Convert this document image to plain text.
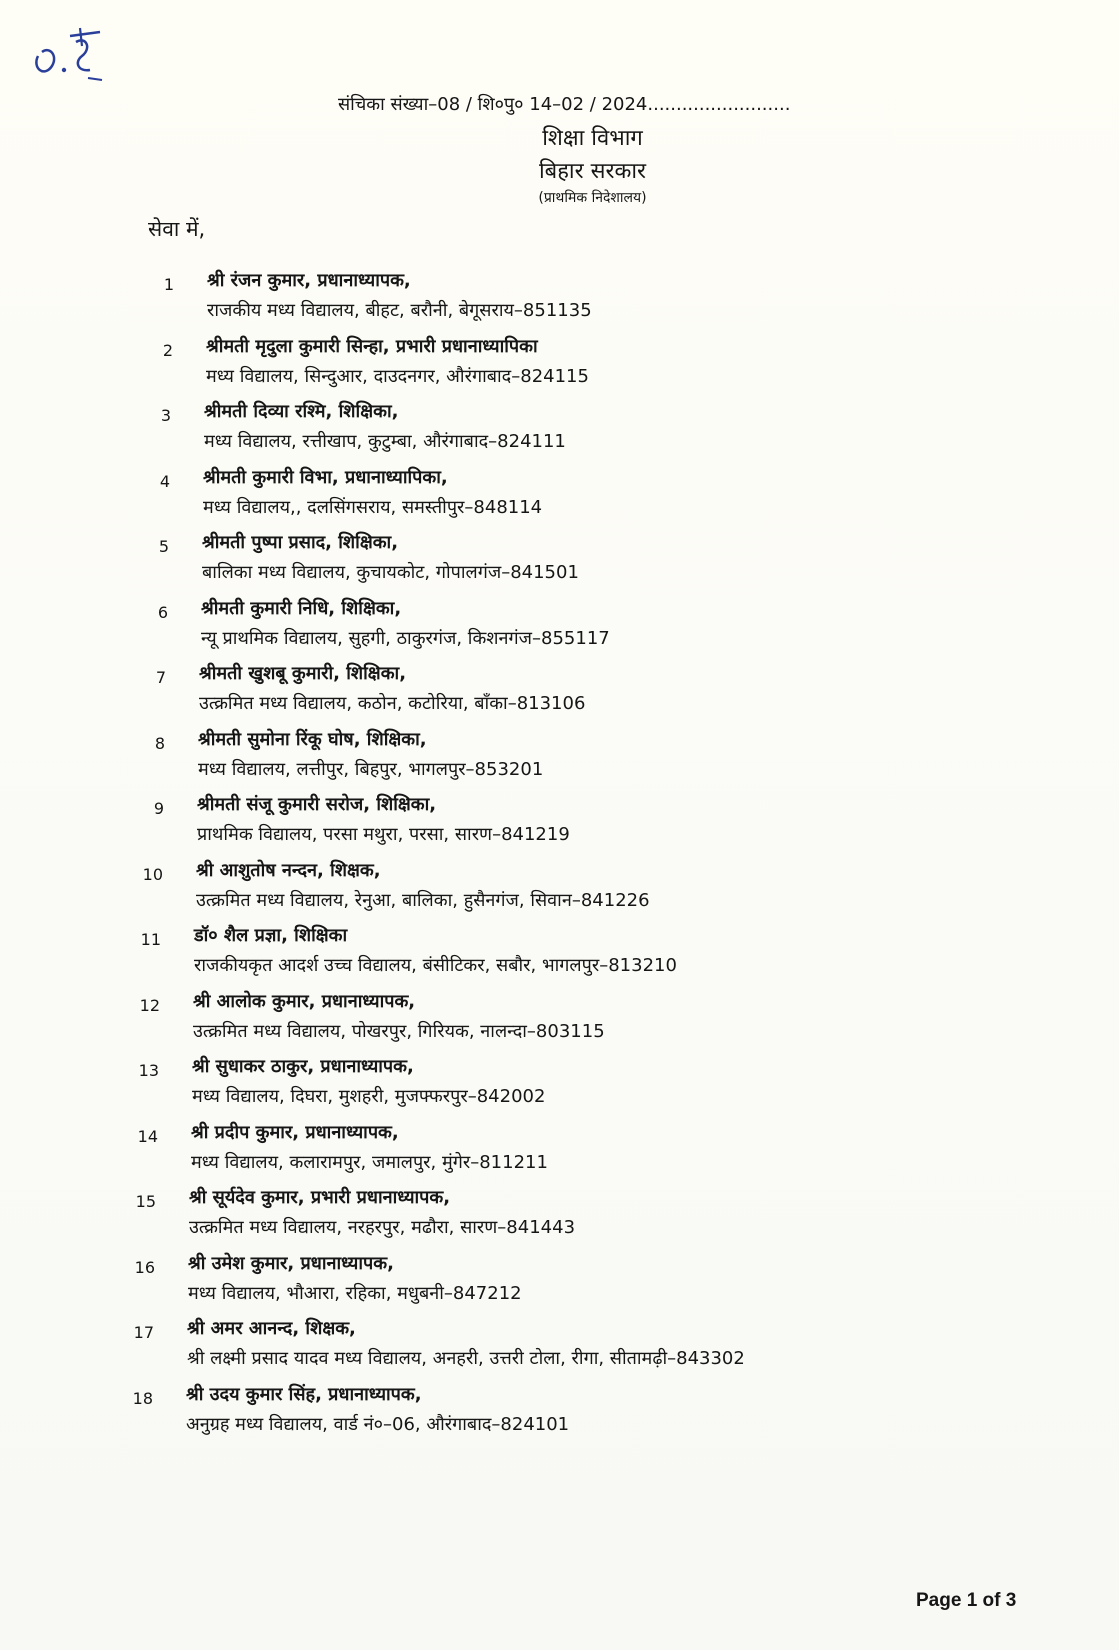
संचिका संख्या–08 / शि०पु० 14–02 / 2024.........................
शिक्षा विभाग
बिहार सरकार
(प्राथमिक निदेशालय)
सेवा में,
1 श्री रंजन कुमार, प्रधानाध्यापक,
राजकीय मध्य विद्यालय, बीहट, बरौनी, बेगूसराय–851135
2 श्रीमती मृदुला कुमारी सिन्हा, प्रभारी प्रधानाध्यापिका
मध्य विद्यालय, सिन्दुआर, दाउदनगर, औरंगाबाद–824115
3 श्रीमती दिव्या रश्मि, शिक्षिका,
मध्य विद्यालय, रत्तीखाप, कुटुम्बा, औरंगाबाद–824111
4 श्रीमती कुमारी विभा, प्रधानाध्यापिका,
मध्य विद्यालय,, दलसिंगसराय, समस्तीपुर–848114
5 श्रीमती पुष्पा प्रसाद, शिक्षिका,
बालिका मध्य विद्यालय, कुचायकोट, गोपालगंज–841501
6 श्रीमती कुमारी निधि, शिक्षिका,
न्यू प्राथमिक विद्यालय, सुहगी, ठाकुरगंज, किशनगंज–855117
7 श्रीमती खुशबू कुमारी, शिक्षिका,
उत्क्रमित मध्य विद्यालय, कठोन, कटोरिया, बाँका–813106
8 श्रीमती सुमोना रिंकू घोष, शिक्षिका,
मध्य विद्यालय, लत्तीपुर, बिहपुर, भागलपुर–853201
9 श्रीमती संजू कुमारी सरोज, शिक्षिका,
प्राथमिक विद्यालय, परसा मथुरा, परसा, सारण–841219
10 श्री आशुतोष नन्दन, शिक्षक,
उत्क्रमित मध्य विद्यालय, रेनुआ, बालिका, हुसैनगंज, सिवान–841226
11 डॉ० शैल प्रज्ञा, शिक्षिका
राजकीयकृत आदर्श उच्च विद्यालय, बंसीटिकर, सबौर, भागलपुर–813210
12 श्री आलोक कुमार, प्रधानाध्यापक,
उत्क्रमित मध्य विद्यालय, पोखरपुर, गिरियक, नालन्दा–803115
13 श्री सुधाकर ठाकुर, प्रधानाध्यापक,
मध्य विद्यालय, दिघरा, मुशहरी, मुजफ्फरपुर–842002
14 श्री प्रदीप कुमार, प्रधानाध्यापक,
मध्य विद्यालय, कलारामपुर, जमालपुर, मुंगेर–811211
15 श्री सूर्यदेव कुमार, प्रभारी प्रधानाध्यापक,
उत्क्रमित मध्य विद्यालय, नरहरपुर, मढौरा, सारण–841443
16 श्री उमेश कुमार, प्रधानाध्यापक,
मध्य विद्यालय, भौआरा, रहिका, मधुबनी–847212
17 श्री अमर आनन्द, शिक्षक,
श्री लक्ष्मी प्रसाद यादव मध्य विद्यालय, अनहरी, उत्तरी टोला, रीगा, सीतामढ़ी–843302
18 श्री उदय कुमार सिंह, प्रधानाध्यापक,
अनुग्रह मध्य विद्यालय, वार्ड नं०–06, औरंगाबाद–824101
Page 1 of 3
